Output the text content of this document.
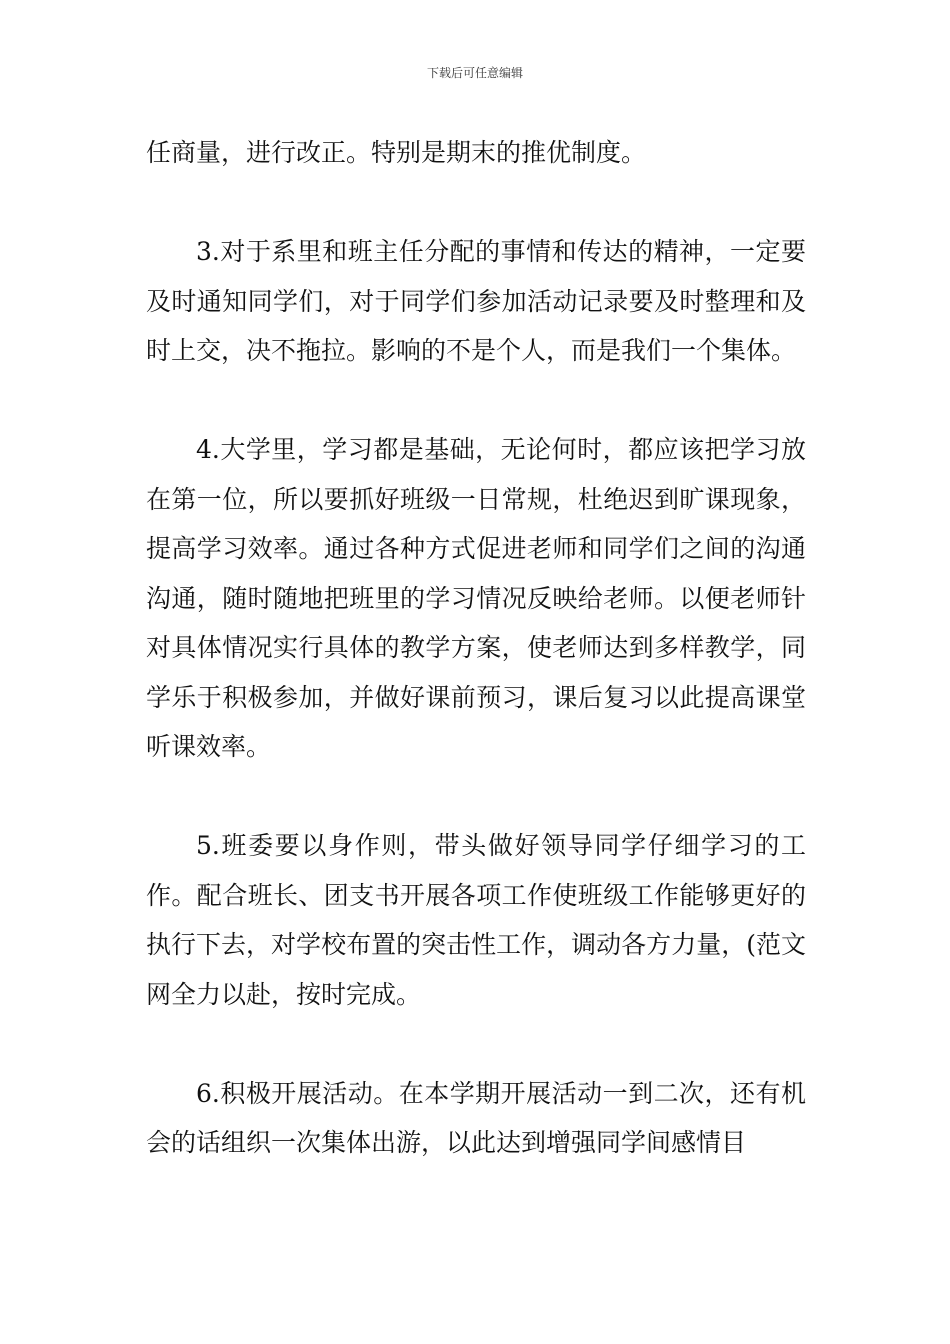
下载后可任意编辑

任商量，进行改正。特别是期末的推优制度。

3.对于系里和班主任分配的事情和传达的精神，一定要及时通知同学们，对于同学们参加活动记录要及时整理和及时上交，决不拖拉。影响的不是个人，而是我们一个集体。

4.大学里，学习都是基础，无论何时，都应该把学习放在第一位，所以要抓好班级一日常规，杜绝迟到旷课现象，提高学习效率。通过各种方式促进老师和同学们之间的沟通沟通，随时随地把班里的学习情况反映给老师。以便老师针对具体情况实行具体的教学方案，使老师达到多样教学，同学乐于积极参加，并做好课前预习，课后复习以此提高课堂听课效率。

5.班委要以身作则，带头做好领导同学仔细学习的工作。配合班长、团支书开展各项工作使班级工作能够更好的执行下去，对学校布置的突击性工作，调动各方力量，(范文网全力以赴，按时完成。

6.积极开展活动。在本学期开展活动一到二次，还有机会的话组织一次集体出游，以此达到增强同学间感情目
